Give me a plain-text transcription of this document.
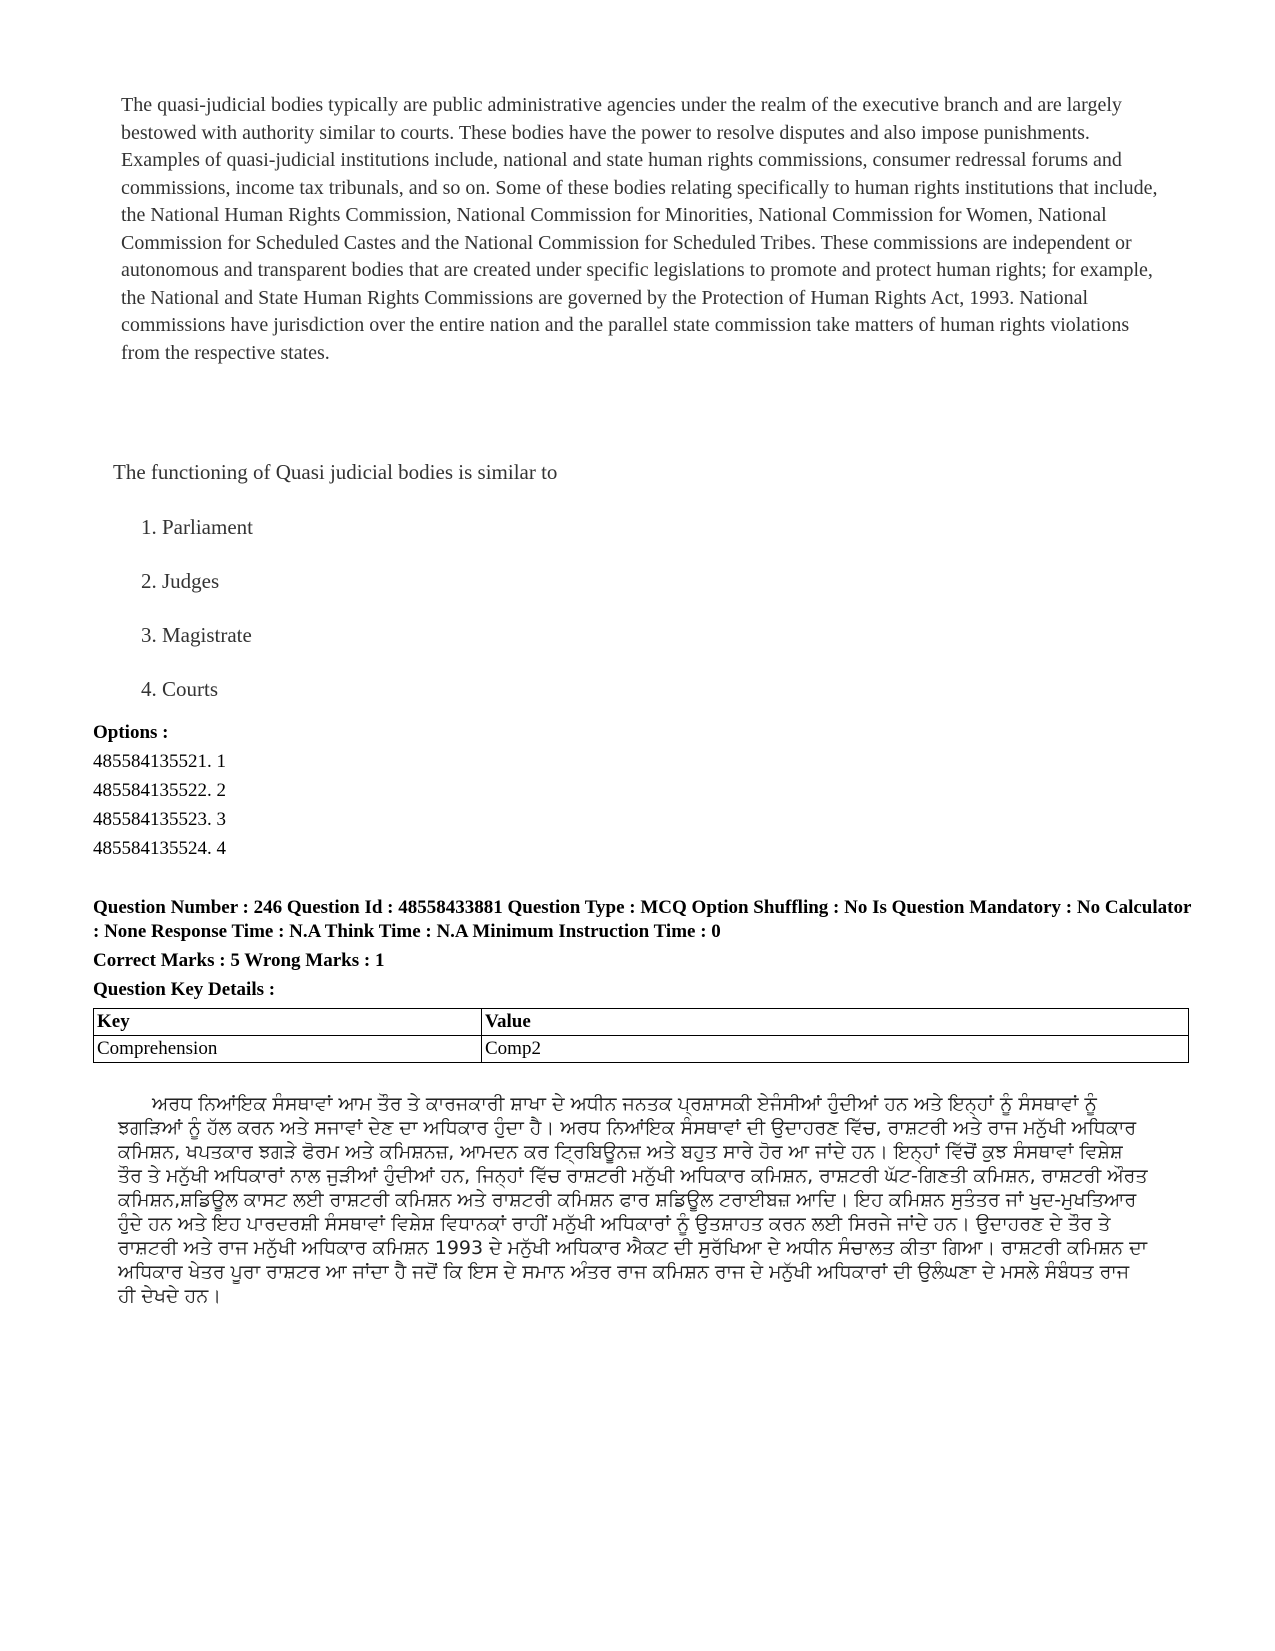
The quasi-judicial bodies typically are public administrative agencies under the realm of the executive branch and are largely bestowed with authority similar to courts. These bodies have the power to resolve disputes and also impose punishments. Examples of quasi-judicial institutions include, national and state human rights commissions, consumer redressal forums and commissions, income tax tribunals, and so on. Some of these bodies relating specifically to human rights institutions that include, the National Human Rights Commission, National Commission for Minorities, National Commission for Women, National Commission for Scheduled Castes and the National Commission for Scheduled Tribes. These commissions are independent or autonomous and transparent bodies that are created under specific legislations to promote and protect human rights; for example, the National and State Human Rights Commissions are governed by the Protection of Human Rights Act, 1993. National commissions have jurisdiction over the entire nation and the parallel state commission take matters of human rights violations from the respective states.

The functioning of Quasi judicial bodies is similar to

1. Parliament
2. Judges
3. Magistrate
4. Courts
Options :
485584135521. 1
485584135522. 2
485584135523. 3
485584135524. 4

Question Number : 246 Question Id : 48558433881 Question Type : MCQ Option Shuffling : No Is Question Mandatory : No Calculator : None Response Time : N.A Think Time : N.A Minimum Instruction Time : 0

Correct Marks : 5 Wrong Marks : 1

Question Key Details :

Key	Value
Comprehension	Comp2

ਅਰਧ ਨਿਆਂਇਕ ਸੰਸਥਾਵਾਂ ਆਮ ਤੌਰ ਤੇ ਕਾਰਜਕਾਰੀ ਸ਼ਾਖਾ ਦੇ ਅਧੀਨ ਜਨਤਕ ਪ੍ਰਸ਼ਾਸਕੀ ਏਜੰਸੀਆਂ ਹੁੰਦੀਆਂ ਹਨ ਅਤੇ ਇਨ੍ਹਾਂ ਨੂੰ ਸੰਸਥਾਵਾਂ ਨੂੰ ਝਗੜਿਆਂ ਨੂੰ ਹੱਲ ਕਰਨ ਅਤੇ ਸਜਾਵਾਂ ਦੇਣ ਦਾ ਅਧਿਕਾਰ ਹੁੰਦਾ ਹੈ। ਅਰਧ ਨਿਆਂਇਕ ਸੰਸਥਾਵਾਂ ਦੀ ਉਦਾਹਰਣ ਵਿੱਚ, ਰਾਸ਼ਟਰੀ ਅਤੇ ਰਾਜ ਮਨੁੱਖੀ ਅਧਿਕਾਰ ਕਮਿਸ਼ਨ, ਖਪਤਕਾਰ ਝਗੜੇ ਫੋਰਮ ਅਤੇ ਕਮਿਸ਼ਨਜ਼, ਆਮਦਨ ਕਰ ਟ੍ਰਿਬਿਊਨਜ਼ ਅਤੇ ਬਹੁਤ ਸਾਰੇ ਹੋਰ ਆ ਜਾਂਦੇ ਹਨ। ਇਨ੍ਹਾਂ ਵਿੱਚੋਂ ਕੁਝ ਸੰਸਥਾਵਾਂ ਵਿਸ਼ੇਸ਼ ਤੌਰ ਤੇ ਮਨੁੱਖੀ ਅਧਿਕਾਰਾਂ ਨਾਲ ਜੁੜੀਆਂ ਹੁੰਦੀਆਂ ਹਨ, ਜਿਨ੍ਹਾਂ ਵਿੱਚ ਰਾਸ਼ਟਰੀ ਮਨੁੱਖੀ ਅਧਿਕਾਰ ਕਮਿਸ਼ਨ, ਰਾਸ਼ਟਰੀ ਘੱਟ-ਗਿਣਤੀ ਕਮਿਸ਼ਨ, ਰਾਸ਼ਟਰੀ ਔਰਤ ਕਮਿਸ਼ਨ,ਸ਼ਡਿਊਲ ਕਾਸਟ ਲਈ ਰਾਸ਼ਟਰੀ ਕਮਿਸ਼ਨ ਅਤੇ ਰਾਸ਼ਟਰੀ ਕਮਿਸ਼ਨ ਫਾਰ ਸ਼ਡਿਊਲ ਟਰਾਈਬਜ਼ ਆਦਿ। ਇਹ ਕਮਿਸ਼ਨ ਸੁਤੰਤਰ ਜਾਂ ਖੁਦ-ਮੁਖਤਿਆਰ ਹੁੰਦੇ ਹਨ ਅਤੇ ਇਹ ਪਾਰਦਰਸ਼ੀ ਸੰਸਥਾਵਾਂ ਵਿਸ਼ੇਸ਼ ਵਿਧਾਨਕਾਂ ਰਾਹੀਂ ਮਨੁੱਖੀ ਅਧਿਕਾਰਾਂ ਨੂੰ ਉਤਸ਼ਾਹਤ ਕਰਨ ਲਈ ਸਿਰਜੇ ਜਾਂਦੇ ਹਨ। ਉਦਾਹਰਣ ਦੇ ਤੌਰ ਤੇ ਰਾਸ਼ਟਰੀ ਅਤੇ ਰਾਜ ਮਨੁੱਖੀ ਅਧਿਕਾਰ ਕਮਿਸ਼ਨ 1993 ਦੇ ਮਨੁੱਖੀ ਅਧਿਕਾਰ ਐਕਟ ਦੀ ਸੁਰੱਖਿਆ ਦੇ ਅਧੀਨ ਸੰਚਾਲਤ ਕੀਤਾ ਗਿਆ। ਰਾਸ਼ਟਰੀ ਕਮਿਸ਼ਨ ਦਾ ਅਧਿਕਾਰ ਖੇਤਰ ਪੂਰਾ ਰਾਸ਼ਟਰ ਆ ਜਾਂਦਾ ਹੈ ਜਦੋਂ ਕਿ ਇਸ ਦੇ ਸਮਾਨ ਅੰਤਰ ਰਾਜ ਕਮਿਸ਼ਨ ਰਾਜ ਦੇ ਮਨੁੱਖੀ ਅਧਿਕਾਰਾਂ ਦੀ ਉਲੰਘਣਾ ਦੇ ਮਸਲੇ ਸੰਬੰਧਤ ਰਾਜ ਹੀ ਦੇਖਦੇ ਹਨ।
